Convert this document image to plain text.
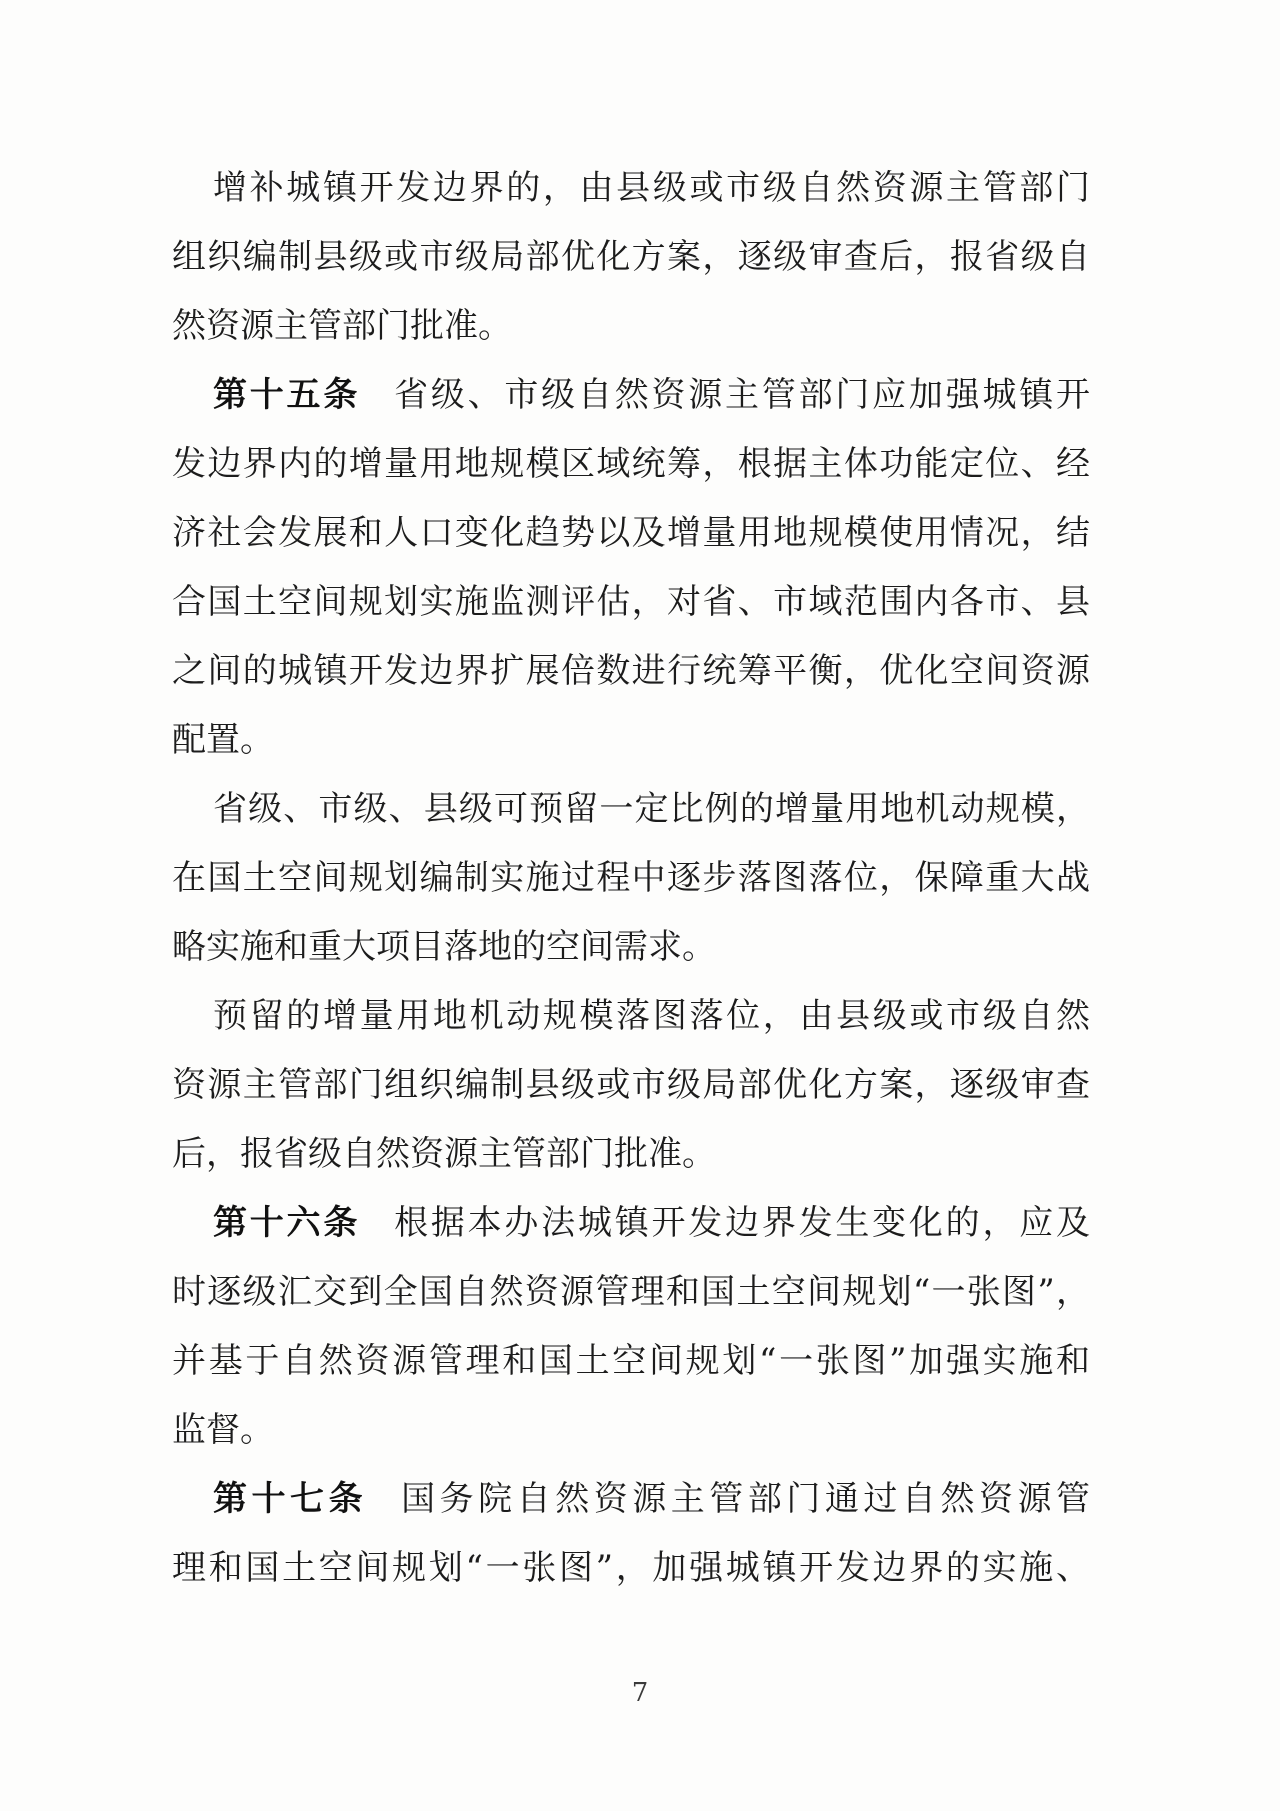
增补城镇开发边界的，由县级或市级自然资源主管部门
组织编制县级或市级局部优化方案，逐级审查后，报省级自
然资源主管部门批准。
第十五条 省级、市级自然资源主管部门应加强城镇开
发边界内的增量用地规模区域统筹，根据主体功能定位、经
济社会发展和人口变化趋势以及增量用地规模使用情况，结
合国土空间规划实施监测评估，对省、市域范围内各市、县
之间的城镇开发边界扩展倍数进行统筹平衡，优化空间资源
配置。
省级、市级、县级可预留一定比例的增量用地机动规模，
在国土空间规划编制实施过程中逐步落图落位，保障重大战
略实施和重大项目落地的空间需求。
预留的增量用地机动规模落图落位，由县级或市级自然
资源主管部门组织编制县级或市级局部优化方案，逐级审查
后，报省级自然资源主管部门批准。
第十六条 根据本办法城镇开发边界发生变化的，应及
时逐级汇交到全国自然资源管理和国土空间规划“一张图”，
并基于自然资源管理和国土空间规划“一张图”加强实施和
监督。
第十七条 国务院自然资源主管部门通过自然资源管
理和国土空间规划“一张图”，加强城镇开发边界的实施、
7
